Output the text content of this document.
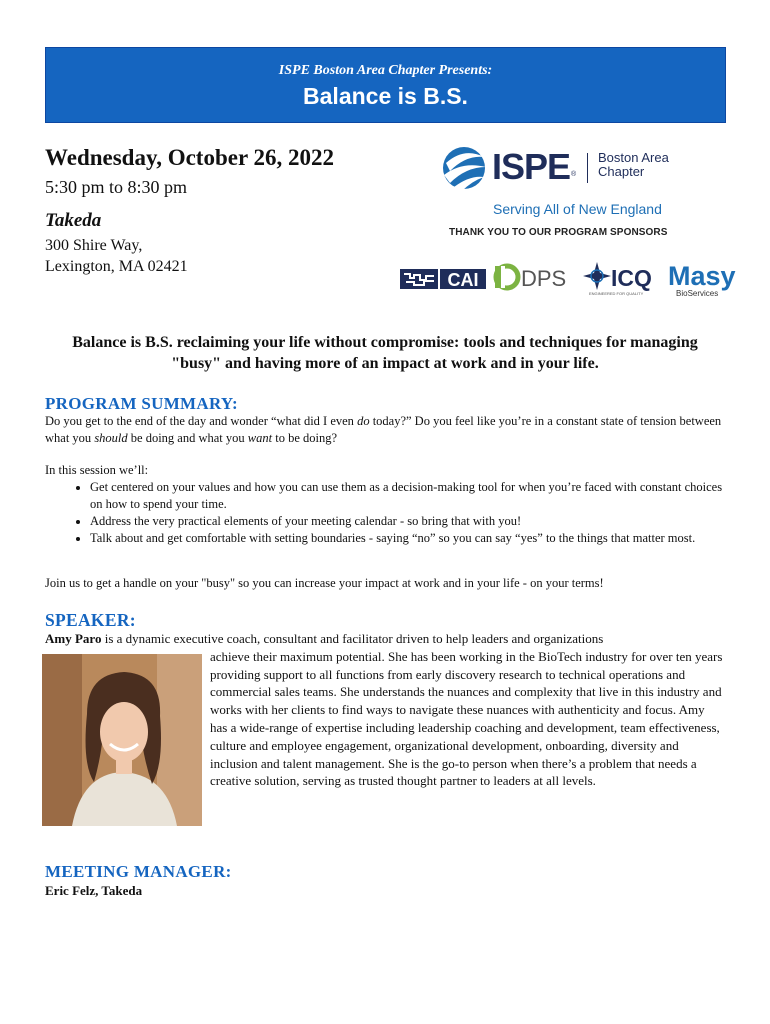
ISPE Boston Area Chapter Presents:
Balance is B.S.
Wednesday, October 26, 2022
5:30 pm to 8:30 pm
Takeda
300 Shire Way,
Lexington, MA 02421
ISPE ®
Boston Area
Chapter
Serving All of New England
THANK YOU TO OUR PROGRAM SPONSORS
CAI DPS ICQ
ENGINEERED FOR QUALITY
Masy
BioServices
Balance is B.S. reclaiming your life without compromise: tools and techniques for managing "busy" and having more of an impact at work and in your life.
PROGRAM SUMMARY:
Do you get to the end of the day and wonder “what did I even do today?” Do you feel like you’re in a constant state of tension between what you should be doing and what you want to be doing?
In this session we’ll:
• Get centered on your values and how you can use them as a decision-making tool for when you’re faced with constant choices on how to spend your time.
• Address the very practical elements of your meeting calendar - so bring that with you!
• Talk about and get comfortable with setting boundaries - saying “no” so you can say “yes” to the things that matter most.
Join us to get a handle on your "busy" so you can increase your impact at work and in your life - on your terms!
SPEAKER:
Amy Paro is a dynamic executive coach, consultant and facilitator driven to help leaders and organizations
achieve their maximum potential. She has been working in the BioTech industry for over ten years providing support to all functions from early discovery research to technical operations and commercial sales teams. She understands the nuances and complexity that live in this industry and works with her clients to find ways to navigate these nuances with authenticity and focus. Amy has a wide-range of expertise including leadership coaching and development, team effectiveness, culture and employee engagement, organizational development, onboarding, diversity and inclusion and talent management. She is the go-to person when there’s a problem that needs a creative solution, serving as trusted thought partner to leaders at all levels.
MEETING MANAGER:
Eric Felz, Takeda
